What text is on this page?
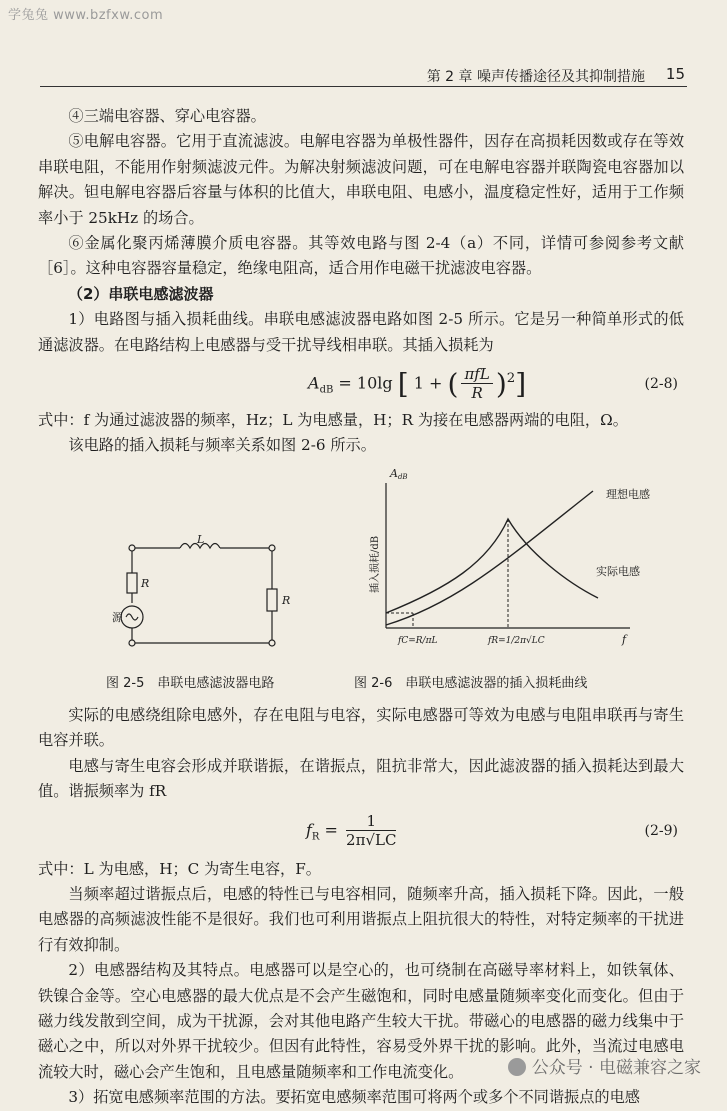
学兔兔 www.bzfxw.com
第 2 章 噪声传播途径及其抑制措施 15

④三端电容器、穿心电容器。

⑤电解电容器。它用于直流滤波。电解电容器为单极性器件，因存在高损耗因数或存在等效串联电阻，不能用作射频滤波元件。为解决射频滤波问题，可在电解电容器并联陶瓷电容器加以解决。钽电解电容器后容量与体积的比值大，串联电阻、电感小，温度稳定性好，适用于工作频率小于 25kHz 的场合。

⑥金属化聚丙烯薄膜介质电容器。其等效电路与图 2-4（a）不同，详情可参阅参考文献［6］。这种电容器容量稳定，绝缘电阻高，适合用作电磁干扰滤波电容器。

（2）串联电感滤波器

1）电路图与插入损耗曲线。串联电感滤波器电路如图 2-5 所示。它是另一种简单形式的低通滤波器。在电路结构上电感器与受干扰导线相串联。其插入损耗为

$A_{dB} = 10\lg$ [ 1 + ( $\frac{\text{πfL}}{R} )^2$]	(2-8)

式中：f 为通过滤波器的频率，Hz；L 为电感量，H；R 为接在电感器两端的电阻，Ω。

该电路的插入损耗与频率关系如图 2-6 所示。

L
R
R
源
AdB
插入损耗/dB
理想电感
实际电感
fC=R/πL	fR=1/2π√LC	f
图 2-5　串联电感滤波器电路	图 2-6　串联电感滤波器的插入损耗曲线

实际的电感绕组除电感外，存在电阻与电容，实际电感器可等效为电感与电阻串联再与寄生电容并联。

电感与寄生电容会形成并联谐振，在谐振点，阻抗非常大，因此滤波器的插入损耗达到最大值。谐振频率为 fR

$f_R = \frac{1}{2\pi√LC}$	(2-9)

式中：L 为电感，H；C 为寄生电容，F。

当频率超过谐振点后，电感的特性已与电容相同，随频率升高，插入损耗下降。因此，一般电感器的高频滤波性能不是很好。我们也可利用谐振点上阻抗很大的特性，对特定频率的干扰进行有效抑制。

2）电感器结构及其特点。电感器可以是空心的，也可绕制在高磁导率材料上，如铁氧体、铁镍合金等。空心电感器的最大优点是不会产生磁饱和，同时电感量随频率变化而变化。但由于磁力线发散到空间，成为干扰源，会对其他电路产生较大干扰。带磁心的电感器的磁力线集中于磁心之中，所以对外界干扰较少。但因有此特性，容易受外界干扰的影响。此外，当流过电感电流较大时，磁心会产生饱和，且电感量随频率和工作电流变化。

3）拓宽电感频率范围的方法。要拓宽电感频率范围可将两个或多个不同谐振点的电感

公众号 · 电磁兼容之家
